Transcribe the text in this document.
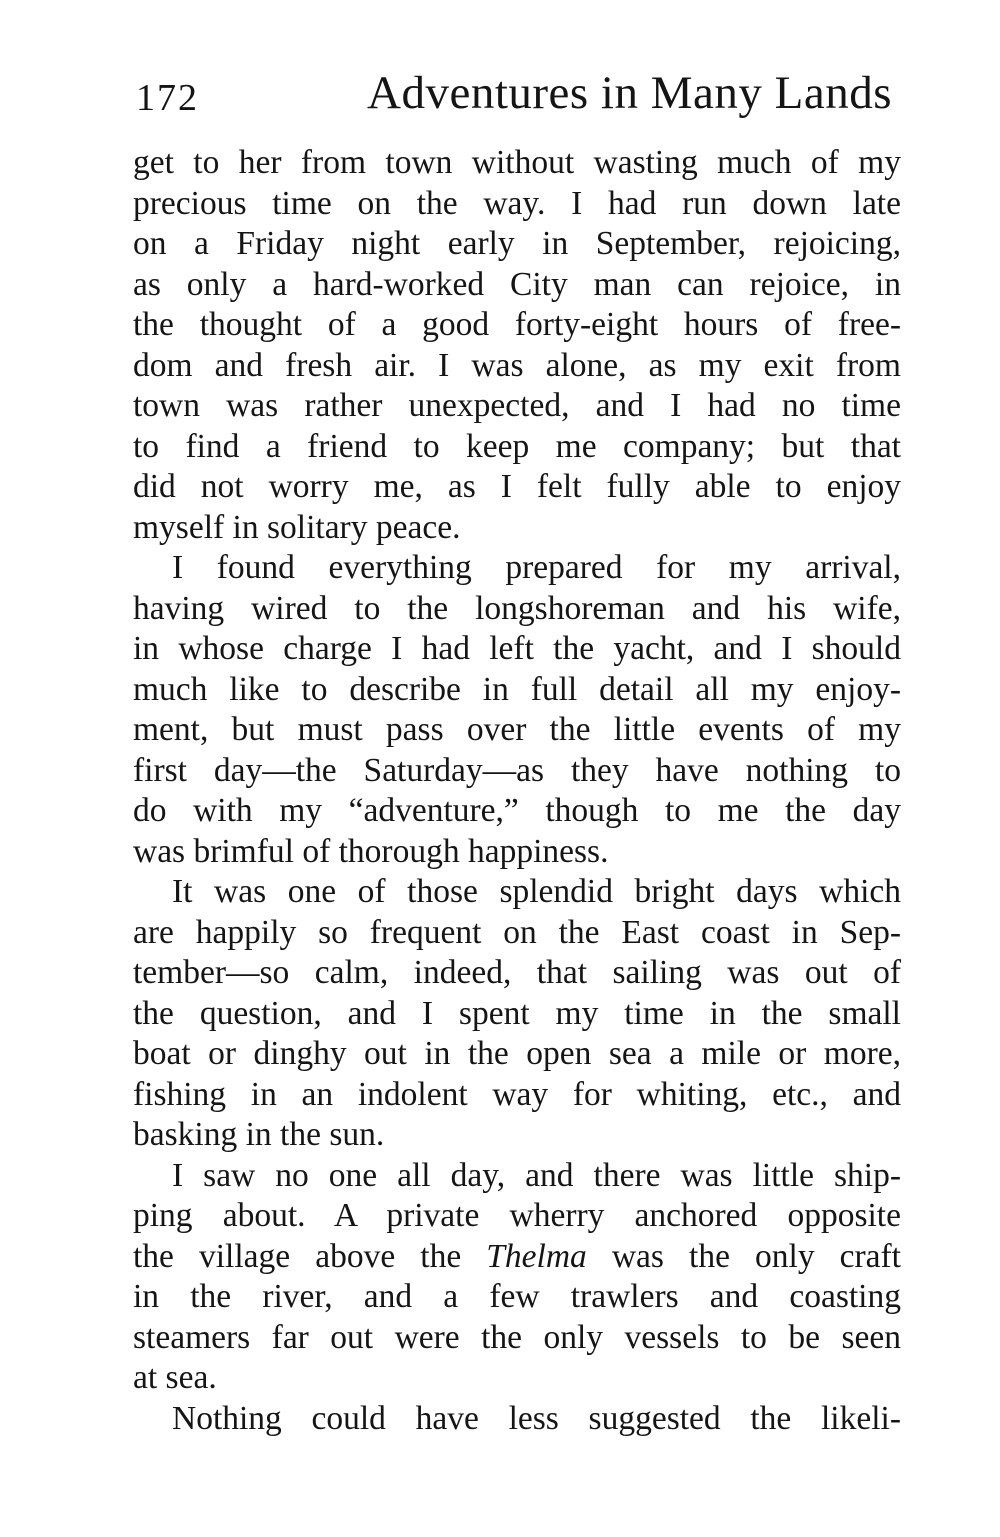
172	Adventures in Many Lands
get to her from town without wasting much of my
precious time on the way. I had run down late
on a Friday night early in September, rejoicing,
as only a hard-worked City man can rejoice, in
the thought of a good forty-eight hours of free-
dom and fresh air. I was alone, as my exit from
town was rather unexpected, and I had no time
to find a friend to keep me company; but that
did not worry me, as I felt fully able to enjoy
myself in solitary peace.
I found everything prepared for my arrival,
having wired to the longshoreman and his wife,
in whose charge I had left the yacht, and I should
much like to describe in full detail all my enjoy-
ment, but must pass over the little events of my
first day—the Saturday—as they have nothing to
do with my “adventure,” though to me the day
was brimful of thorough happiness.
It was one of those splendid bright days which
are happily so frequent on the East coast in Sep-
tember—so calm, indeed, that sailing was out of
the question, and I spent my time in the small
boat or dinghy out in the open sea a mile or more,
fishing in an indolent way for whiting, etc., and
basking in the sun.
I saw no one all day, and there was little ship-
ping about. A private wherry anchored opposite
the village above the Thelma was the only craft
in the river, and a few trawlers and coasting
steamers far out were the only vessels to be seen
at sea.
Nothing could have less suggested the likeli-
